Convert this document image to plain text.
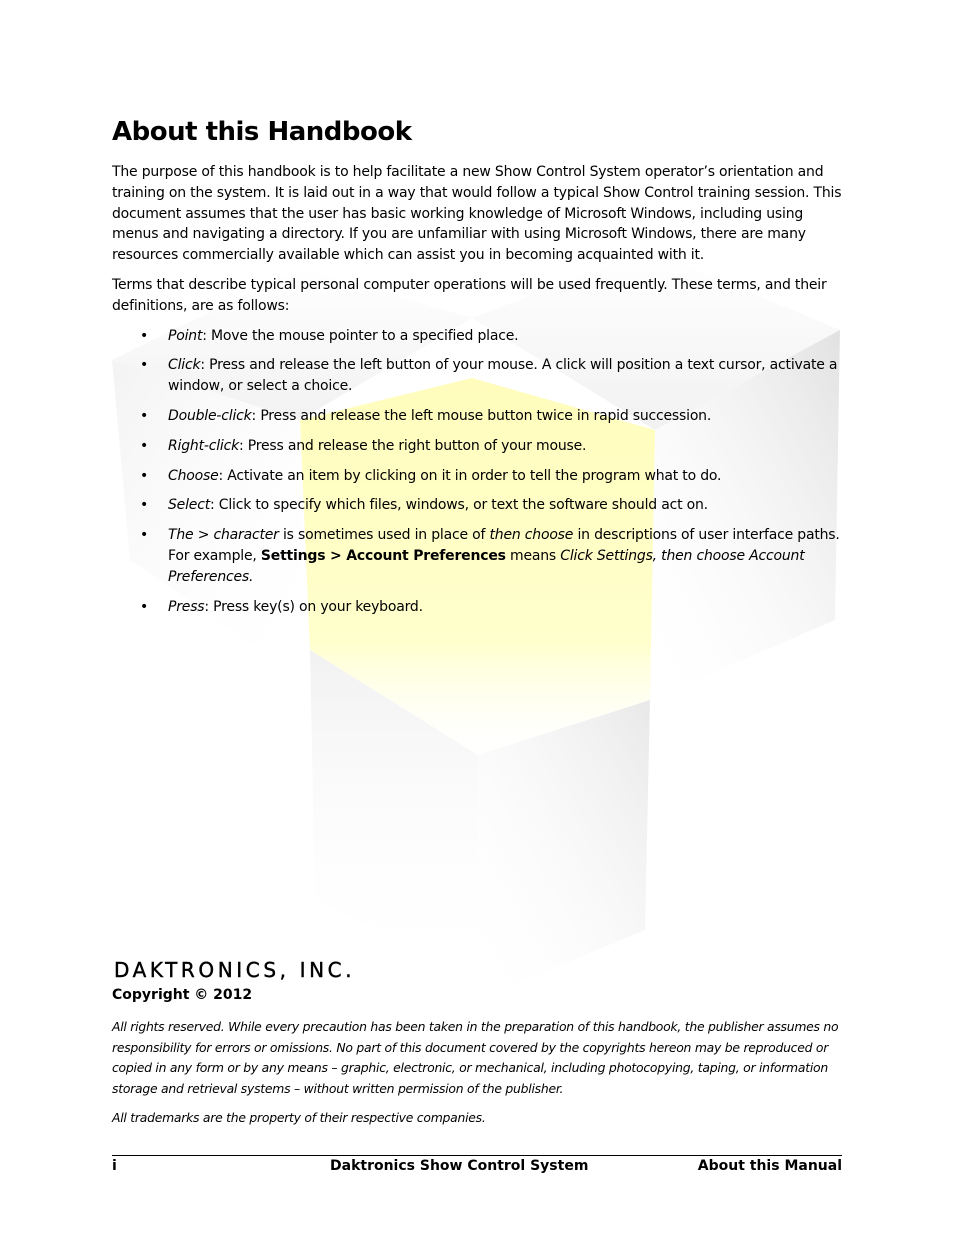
About this Handbook

The purpose of this handbook is to help facilitate a new Show Control System operator’s orientation and training on the system. It is laid out in a way that would follow a typical Show Control training session. This document assumes that the user has basic working knowledge of Microsoft Windows, including using menus and navigating a directory. If you are unfamiliar with using Microsoft Windows, there are many resources commercially available which can assist you in becoming acquainted with it.

Terms that describe typical personal computer operations will be used frequently. These terms, and their definitions, are as follows:

• Point: Move the mouse pointer to a specified place.
• Click: Press and release the left button of your mouse. A click will position a text cursor, activate a window, or select a choice.
• Double-click: Press and release the left mouse button twice in rapid succession.
• Right-click: Press and release the right button of your mouse.
• Choose: Activate an item by clicking on it in order to tell the program what to do.
• Select: Click to specify which files, windows, or text the software should act on.
• The > character is sometimes used in place of then choose in descriptions of user interface paths. For example, Settings > Account Preferences means Click Settings, then choose Account Preferences.
• Press: Press key(s) on your keyboard.
DAKTRONICS, INC.
Copyright © 2012

All rights reserved. While every precaution has been taken in the preparation of this handbook, the publisher assumes no responsibility for errors or omissions. No part of this document covered by the copyrights hereon may be reproduced or copied in any form or by any means – graphic, electronic, or mechanical, including photocopying, taping, or information storage and retrieval systems – without written permission of the publisher.

All trademarks are the property of their respective companies.

i	Daktronics Show Control System	About this Manual
